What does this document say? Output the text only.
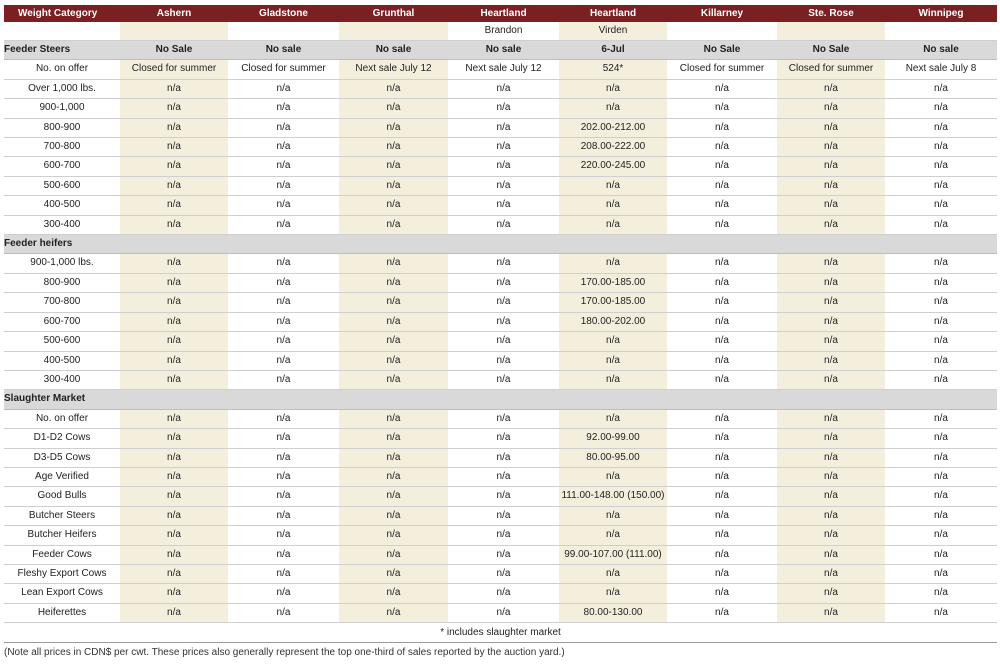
Weight Category	Ashern	Gladstone	Grunthal	Heartland	Heartland	Killarney	Ste. Rose	Winnipeg
				Brandon	Virden			
Feeder Steers	No Sale	No sale	No sale	No sale	6-Jul	No Sale	No Sale	No sale
No. on offer	Closed for summer	Closed for summer	Next sale July 12	Next sale July 12	524*	Closed for summer	Closed for summer	Next sale July 8
Over 1,000 lbs.	n/a	n/a	n/a	n/a	n/a	n/a	n/a	n/a
900-1,000	n/a	n/a	n/a	n/a	n/a	n/a	n/a	n/a
800-900	n/a	n/a	n/a	n/a	202.00-212.00	n/a	n/a	n/a
700-800	n/a	n/a	n/a	n/a	208.00-222.00	n/a	n/a	n/a
600-700	n/a	n/a	n/a	n/a	220.00-245.00	n/a	n/a	n/a
500-600	n/a	n/a	n/a	n/a	n/a	n/a	n/a	n/a
400-500	n/a	n/a	n/a	n/a	n/a	n/a	n/a	n/a
300-400	n/a	n/a	n/a	n/a	n/a	n/a	n/a	n/a
Feeder heifers								
900-1,000 lbs.	n/a	n/a	n/a	n/a	n/a	n/a	n/a	n/a
800-900	n/a	n/a	n/a	n/a	170.00-185.00	n/a	n/a	n/a
700-800	n/a	n/a	n/a	n/a	170.00-185.00	n/a	n/a	n/a
600-700	n/a	n/a	n/a	n/a	180.00-202.00	n/a	n/a	n/a
500-600	n/a	n/a	n/a	n/a	n/a	n/a	n/a	n/a
400-500	n/a	n/a	n/a	n/a	n/a	n/a	n/a	n/a
300-400	n/a	n/a	n/a	n/a	n/a	n/a	n/a	n/a
Slaughter Market								
No. on offer	n/a	n/a	n/a	n/a	n/a	n/a	n/a	n/a
D1-D2 Cows	n/a	n/a	n/a	n/a	92.00-99.00	n/a	n/a	n/a
D3-D5 Cows	n/a	n/a	n/a	n/a	80.00-95.00	n/a	n/a	n/a
Age Verified	n/a	n/a	n/a	n/a	n/a	n/a	n/a	n/a
Good Bulls	n/a	n/a	n/a	n/a	111.00-148.00 (150.00)	n/a	n/a	n/a
Butcher Steers	n/a	n/a	n/a	n/a	n/a	n/a	n/a	n/a
Butcher Heifers	n/a	n/a	n/a	n/a	n/a	n/a	n/a	n/a
Feeder Cows	n/a	n/a	n/a	n/a	99.00-107.00 (111.00)	n/a	n/a	n/a
Fleshy Export Cows	n/a	n/a	n/a	n/a	n/a	n/a	n/a	n/a
Lean Export Cows	n/a	n/a	n/a	n/a	n/a	n/a	n/a	n/a
Heiferettes	n/a	n/a	n/a	n/a	80.00-130.00	n/a	n/a	n/a
* includes slaughter market								
(Note all prices in CDN$ per cwt. These prices also generally represent the top one-third of sales reported by the auction yard.)
